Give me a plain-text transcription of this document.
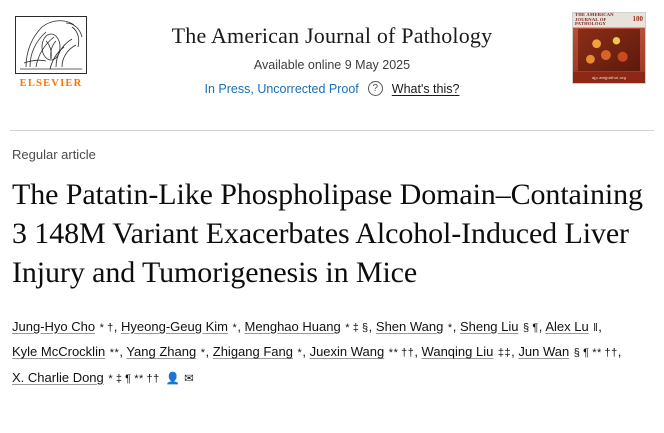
ELSEVIER
The American Journal of Pathology
Available online 9 May 2025
In Press, Uncorrected Proof	?	What's this?
THE AMERICAN JOURNAL OF PATHOLOGY
100
ajp.amjpathol.org
Regular article
The Patatin-Like Phospholipase Domain–Containing 3 148M Variant Exacerbates Alcohol-Induced Liver Injury and Tumorigenesis in Mice
Jung-Hyo Cho * †, Hyeong-Geug Kim *, Menghao Huang * ‡ §, Shen Wang *, Sheng Liu § ¶, Alex Lu ‖, Kyle McCrocklin **, Yang Zhang *, Zhigang Fang *, Juexin Wang ** ††, Wanqing Liu ‡‡, Jun Wan § ¶ ** ††, X. Charlie Dong * ‡ ¶ ** †† 👤✉
